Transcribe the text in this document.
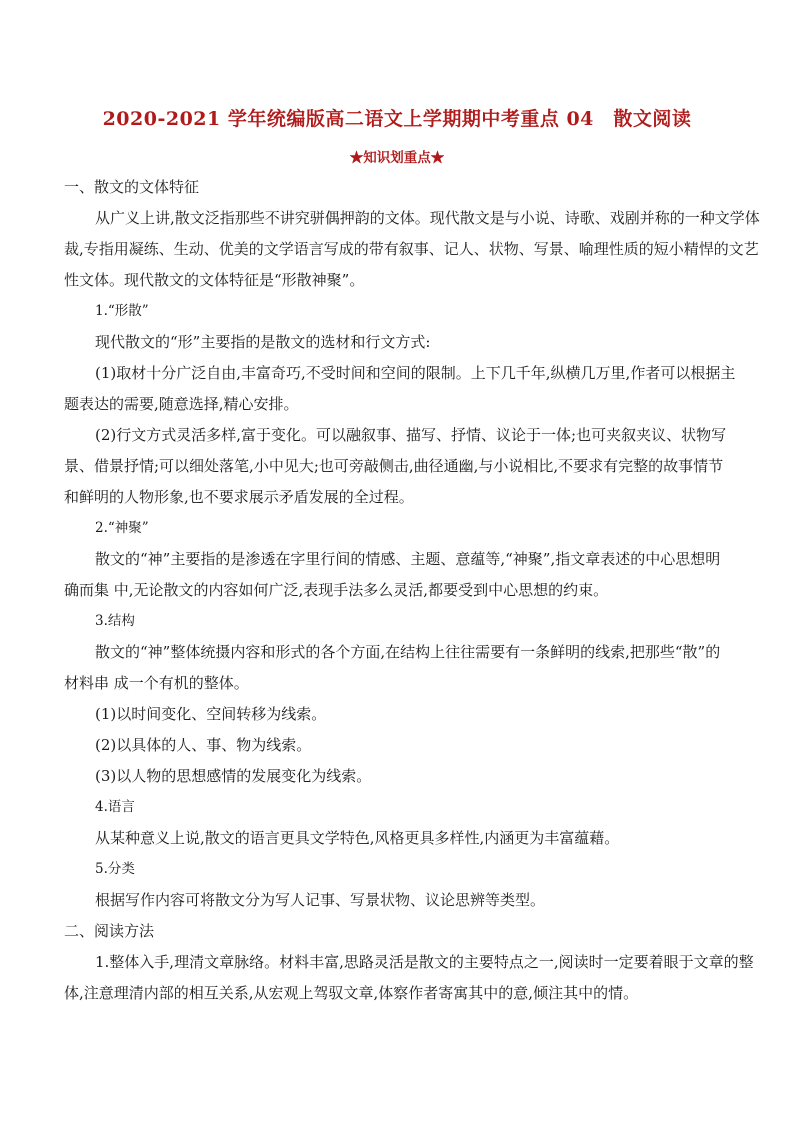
2020-2021 学年统编版高二语文上学期期中考重点 04　散文阅读
★知识划重点★
一、散文的文体特征
从广义上讲,散文泛指那些不讲究骈偶押韵的文体。现代散文是与小说、诗歌、戏剧并称的一种文学体
裁,专指用凝练、生动、优美的文学语言写成的带有叙事、记人、状物、写景、喻理性质的短小精悍的文艺
性文体。现代散文的文体特征是“形散神聚”。
1.“形散”
现代散文的“形”主要指的是散文的选材和行文方式:
(1)取材十分广泛自由,丰富奇巧,不受时间和空间的限制。上下几千年,纵横几万里,作者可以根据主
题表达的需要,随意选择,精心安排。
(2)行文方式灵活多样,富于变化。可以融叙事、描写、抒情、议论于一体;也可夹叙夹议、状物写
景、借景抒情;可以细处落笔,小中见大;也可旁敲侧击,曲径通幽,与小说相比,不要求有完整的故事情节
和鲜明的人物形象,也不要求展示矛盾发展的全过程。
2.“神聚”
散文的“神”主要指的是渗透在字里行间的情感、主题、意蕴等,“神聚”,指文章表述的中心思想明
确而集 中,无论散文的内容如何广泛,表现手法多么灵活,都要受到中心思想的约束。
3.结构
散文的“神”整体统摄内容和形式的各个方面,在结构上往往需要有一条鲜明的线索,把那些“散”的
材料串 成一个有机的整体。
(1)以时间变化、空间转移为线索。
(2)以具体的人、事、物为线索。
(3)以人物的思想感情的发展变化为线索。
4.语言
从某种意义上说,散文的语言更具文学特色,风格更具多样性,内涵更为丰富蕴藉。
5.分类
根据写作内容可将散文分为写人记事、写景状物、议论思辨等类型。
二、阅读方法
1.整体入手,理清文章脉络。材料丰富,思路灵活是散文的主要特点之一,阅读时一定要着眼于文章的整
体,注意理清内部的相互关系,从宏观上驾驭文章,体察作者寄寓其中的意,倾注其中的情。
